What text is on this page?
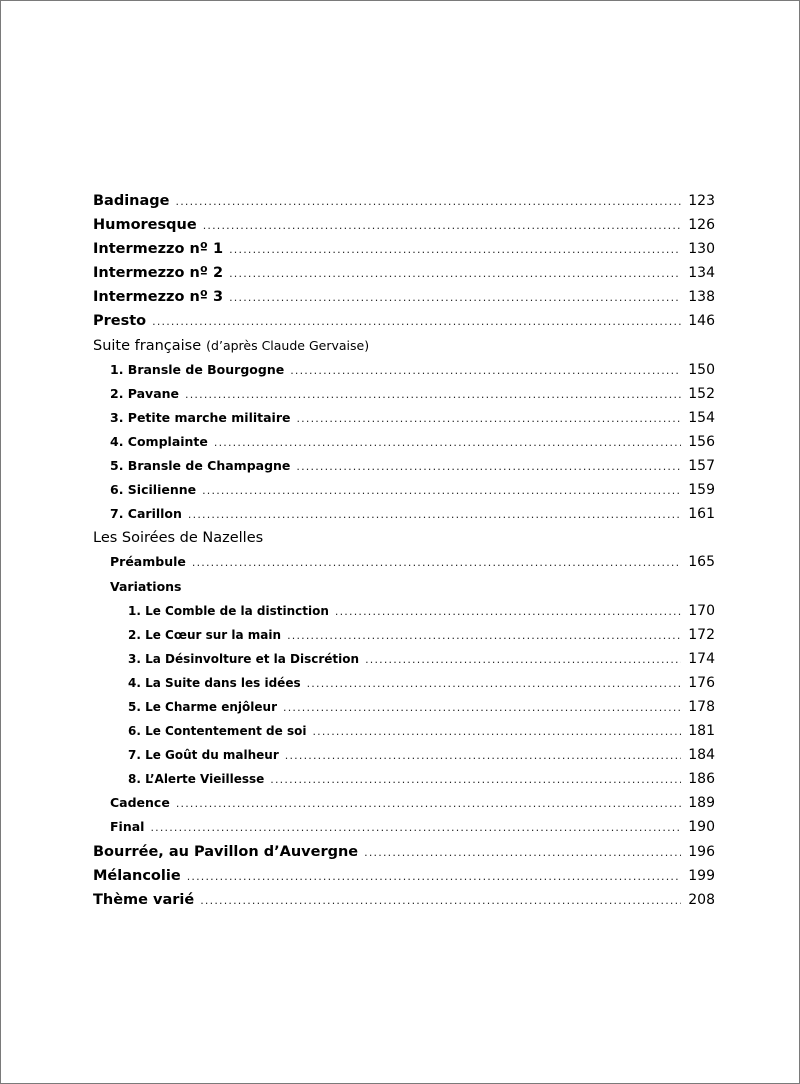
Badinage .....	123
Humoresque .....	126
Intermezzo nº 1 .....	130
Intermezzo nº 2 .....	134
Intermezzo nº 3 .....	138
Presto .....	146
Suite française (d’après Claude Gervaise)
1. Bransle de Bourgogne .....	150
2. Pavane .....	152
3. Petite marche militaire .....	154
4. Complainte .....	156
5. Bransle de Champagne .....	157
6. Sicilienne .....	159
7. Carillon .....	161
Les Soirées de Nazelles
Préambule .....	165
Variations
1. Le Comble de la distinction .....	170
2. Le Cœur sur la main .....	172
3. La Désinvolture et la Discrétion .....	174
4. La Suite dans les idées .....	176
5. Le Charme enjôleur .....	178
6. Le Contentement de soi .....	181
7. Le Goût du malheur .....	184
8. L’Alerte Vieillesse .....	186
Cadence .....	189
Final .....	190
Bourrée, au Pavillon d’Auvergne .....	196
Mélancolie .....	199
Thème varié .....	208
